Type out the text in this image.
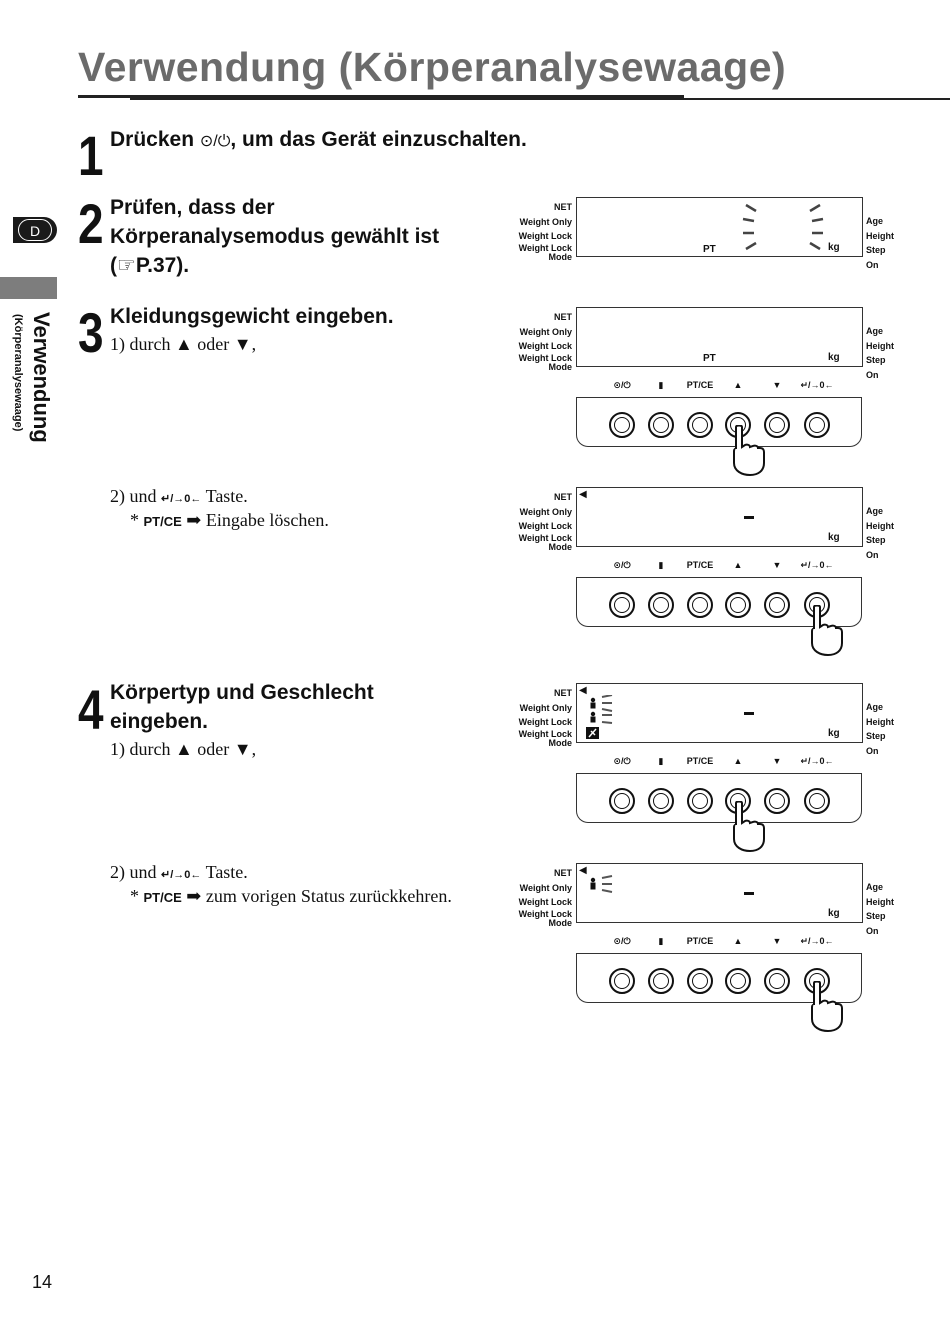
Verwendung (Körperanalysewaage)
D
Verwendung
(Körperanalysewaage)
1 Drücken ⊙/⏻, um das Gerät einzuschalten.
2 Prüfen, dass der
Körperanalysemodus gewählt ist
(☞P.37).
3 Kleidungsgewicht eingeben.
1) durch ▲ oder ▼,
2) und ↵/→0← Taste.
* PT/CE ➡ Eingabe löschen.
4 Körpertyp und Geschlecht
eingeben.
1) durch ▲ oder ▼,
2) und ↵/→0← Taste.
* PT/CE ➡ zum vorigen Status zurückkehren.
NET
Weight Only
Weight Lock
Weight Lock
Mode
PT	kg
Age
Height
Step On
NET
Weight Only
Weight Lock
Weight Lock
Mode
PT	kg
Age
Height
Step On
⊙/⏻	▮	PT/CE	▲	▼	↵/→0←
NET
Weight Only
Weight Lock
Weight Lock
Mode
◀
kg
Age
Height
Step On
⊙/⏻	▮	PT/CE	▲	▼	↵/→0←
NET
Weight Only
Weight Lock
Weight Lock
Mode
◀
kg
Age
Height
Step On
⊙/⏻	▮	PT/CE	▲	▼	↵/→0←
NET
Weight Only
Weight Lock
Weight Lock
Mode
◀
kg
Age
Height
Step On
⊙/⏻	▮	PT/CE	▲	▼	↵/→0←
14
